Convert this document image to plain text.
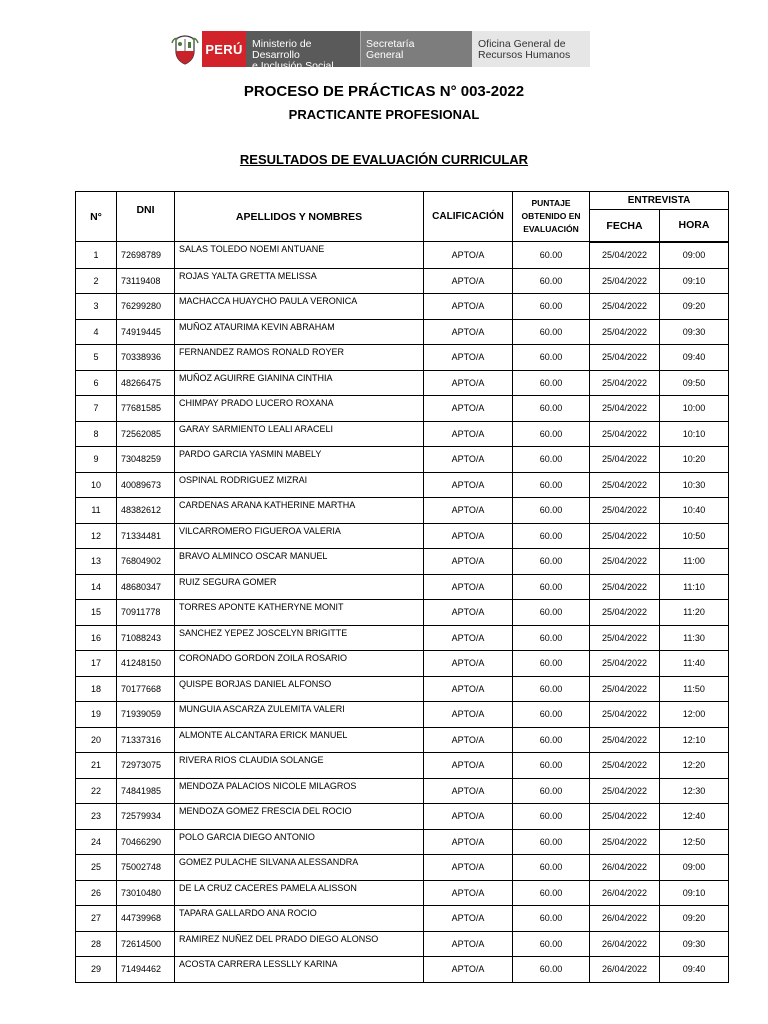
PERÚ Ministerio de Desarrollo
e Inclusión Social
Secretaría
General
Oficina General de
Recursos Humanos
PROCESO DE PRÁCTICAS N° 003-2022
PRACTICANTE PROFESIONAL
RESULTADOS DE EVALUACIÓN CURRICULAR
N°	DNI	APELLIDOS Y NOMBRES	CALIFICACIÓN	PUNTAJE
OBTENIDO EN
EVALUACIÓN	ENTREVISTA	
					FECHA	HORA
1	72698789	SALAS TOLEDO NOEMI ANTUANE	APTO/A	60.00	25/04/2022	09:00
2	73119408	ROJAS YALTA GRETTA MELISSA	APTO/A	60.00	25/04/2022	09:10
3	76299280	MACHACCA HUAYCHO PAULA VERONICA	APTO/A	60.00	25/04/2022	09:20
4	74919445	MUÑOZ ATAURIMA KEVIN ABRAHAM	APTO/A	60.00	25/04/2022	09:30
5	70338936	FERNANDEZ RAMOS RONALD ROYER	APTO/A	60.00	25/04/2022	09:40
6	48266475	MUÑOZ AGUIRRE GIANINA CINTHIA	APTO/A	60.00	25/04/2022	09:50
7	77681585	CHIMPAY PRADO LUCERO ROXANA	APTO/A	60.00	25/04/2022	10:00
8	72562085	GARAY SARMIENTO LEALI ARACELI	APTO/A	60.00	25/04/2022	10:10
9	73048259	PARDO GARCIA YASMIN MABELY	APTO/A	60.00	25/04/2022	10:20
10	40089673	OSPINAL RODRIGUEZ MIZRAI	APTO/A	60.00	25/04/2022	10:30
11	48382612	CARDENAS ARANA KATHERINE MARTHA	APTO/A	60.00	25/04/2022	10:40
12	71334481	VILCARROMERO FIGUEROA VALERIA	APTO/A	60.00	25/04/2022	10:50
13	76804902	BRAVO ALMINCO OSCAR MANUEL	APTO/A	60.00	25/04/2022	11:00
14	48680347	RUIZ SEGURA GOMER	APTO/A	60.00	25/04/2022	11:10
15	70911778	TORRES APONTE KATHERYNE MONIT	APTO/A	60.00	25/04/2022	11:20
16	71088243	SANCHEZ YEPEZ JOSCELYN BRIGITTE	APTO/A	60.00	25/04/2022	11:30
17	41248150	CORONADO GORDON ZOILA ROSARIO	APTO/A	60.00	25/04/2022	11:40
18	70177668	QUISPE BORJAS DANIEL ALFONSO	APTO/A	60.00	25/04/2022	11:50
19	71939059	MUNGUIA ASCARZA ZULEMITA VALERI	APTO/A	60.00	25/04/2022	12:00
20	71337316	ALMONTE ALCANTARA ERICK MANUEL	APTO/A	60.00	25/04/2022	12:10
21	72973075	RIVERA RIOS CLAUDIA SOLANGE	APTO/A	60.00	25/04/2022	12:20
22	74841985	MENDOZA PALACIOS NICOLE MILAGROS	APTO/A	60.00	25/04/2022	12:30
23	72579934	MENDOZA GOMEZ FRESCIA DEL ROCIO	APTO/A	60.00	25/04/2022	12:40
24	70466290	POLO GARCIA DIEGO ANTONIO	APTO/A	60.00	25/04/2022	12:50
25	75002748	GOMEZ PULACHE SILVANA ALESSANDRA	APTO/A	60.00	26/04/2022	09:00
26	73010480	DE LA CRUZ CACERES PAMELA ALISSON	APTO/A	60.00	26/04/2022	09:10
27	44739968	TAPARA GALLARDO ANA ROCIO	APTO/A	60.00	26/04/2022	09:20
28	72614500	RAMIREZ NUÑEZ DEL PRADO DIEGO ALONSO	APTO/A	60.00	26/04/2022	09:30
29	71494462	ACOSTA CARRERA LESSLLY KARINA	APTO/A	60.00	26/04/2022	09:40
